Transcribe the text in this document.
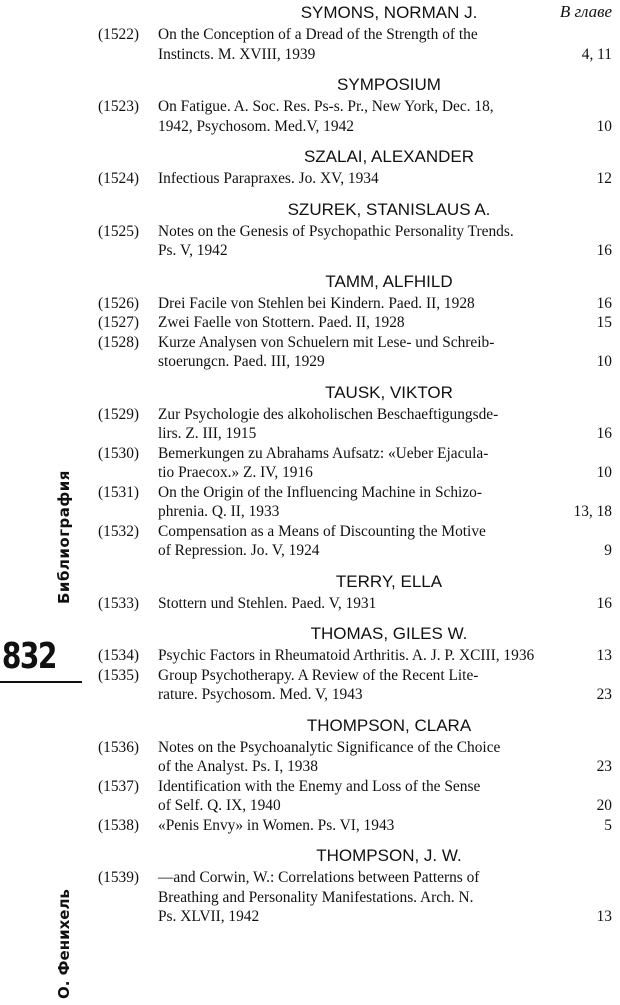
Библиография
832
О. Фенихель
В главе
SYMONS, NORMAN J.
(1522)	On the Conception of a Dread of the Strength of the
Instincts. M. XVIII, 1939	4, 11
SYMPOSIUM
(1523)	On Fatigue. A. Soc. Res. Ps-s. Pr., New York, Dec. 18,
1942, Psychosom. Med.V, 1942	10
SZALAI, ALEXANDER
(1524)	Infectious Parapraxes. Jo. XV, 1934	12
SZUREK, STANISLAUS A.
(1525)	Notes on the Genesis of Psychopathic Personality Trends.
Ps. V, 1942	16
TAMM, ALFHILD
(1526)	Drei Facile von Stehlen bei Kindern. Paed. II, 1928	16
(1527)	Zwei Faelle von Stottern. Paed. II, 1928	15
(1528)	Kurze Analysen von Schuelern mit Lese- und Schreib-
stoerungcn. Paed. III, 1929	10
TAUSK, VIKTOR
(1529)	Zur Psychologie des alkoholischen Beschaeftigungsde-
lirs. Z. III, 1915	16
(1530)	Bemerkungen zu Abrahams Aufsatz: «Ueber Ejacula-
tio Praecox.» Z. IV, 1916	10
(1531)	On the Origin of the Influencing Machine in Schizo-
phrenia. Q. II, 1933	13, 18
(1532)	Compensation as a Means of Discounting the Motive
of Repression. Jo. V, 1924	9
TERRY, ELLA
(1533)	Stottern und Stehlen. Paed. V, 1931	16
THOMAS, GILES W.
(1534)	Psychic Factors in Rheumatoid Arthritis. A. J. P. XCIII, 1936	13
(1535)	Group Psychotherapy. A Review of the Recent Lite-
rature. Psychosom. Med. V, 1943	23
THOMPSON, CLARA
(1536)	Notes on the Psychoanalytic Significance of the Choice
of the Analyst. Ps. I, 1938	23
(1537)	Identification with the Enemy and Loss of the Sense
of Self. Q. IX, 1940	20
(1538)	«Penis Envy» in Women. Ps. VI, 1943	5
THOMPSON, J. W.
(1539)	—and Corwin, W.: Correlations between Patterns of
Breathing and Personality Manifestations. Arch. N.
Ps. XLVII, 1942	13
